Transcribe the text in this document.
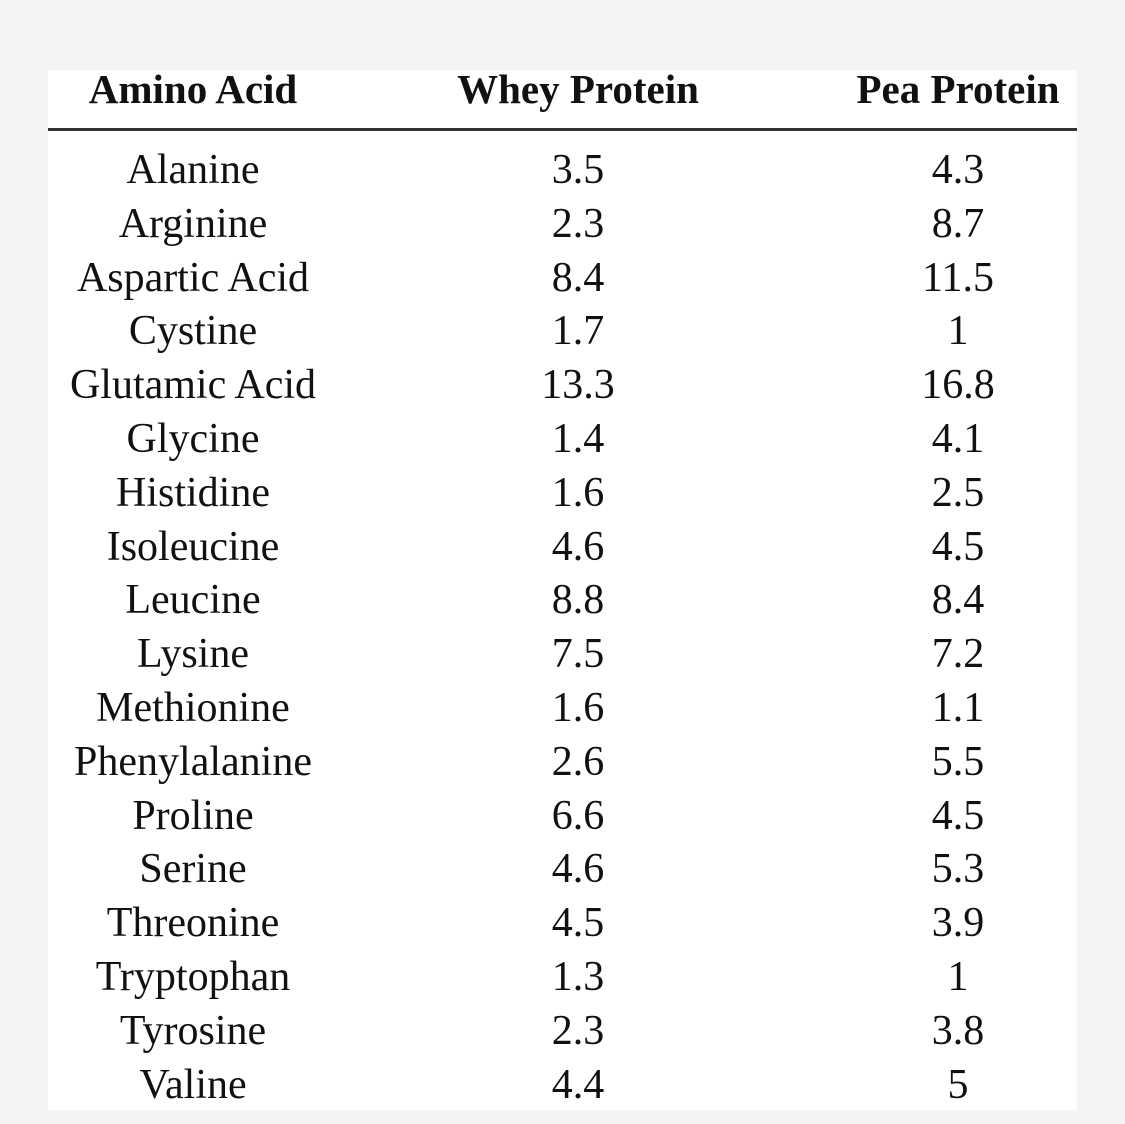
Amino Acid	Whey Protein	Pea Protein
Alanine	3.5	4.3
Arginine	2.3	8.7
Aspartic Acid	8.4	11.5
Cystine	1.7	1
Glutamic Acid	13.3	16.8
Glycine	1.4	4.1
Histidine	1.6	2.5
Isoleucine	4.6	4.5
Leucine	8.8	8.4
Lysine	7.5	7.2
Methionine	1.6	1.1
Phenylalanine	2.6	5.5
Proline	6.6	4.5
Serine	4.6	5.3
Threonine	4.5	3.9
Tryptophan	1.3	1
Tyrosine	2.3	3.8
Valine	4.4	5
